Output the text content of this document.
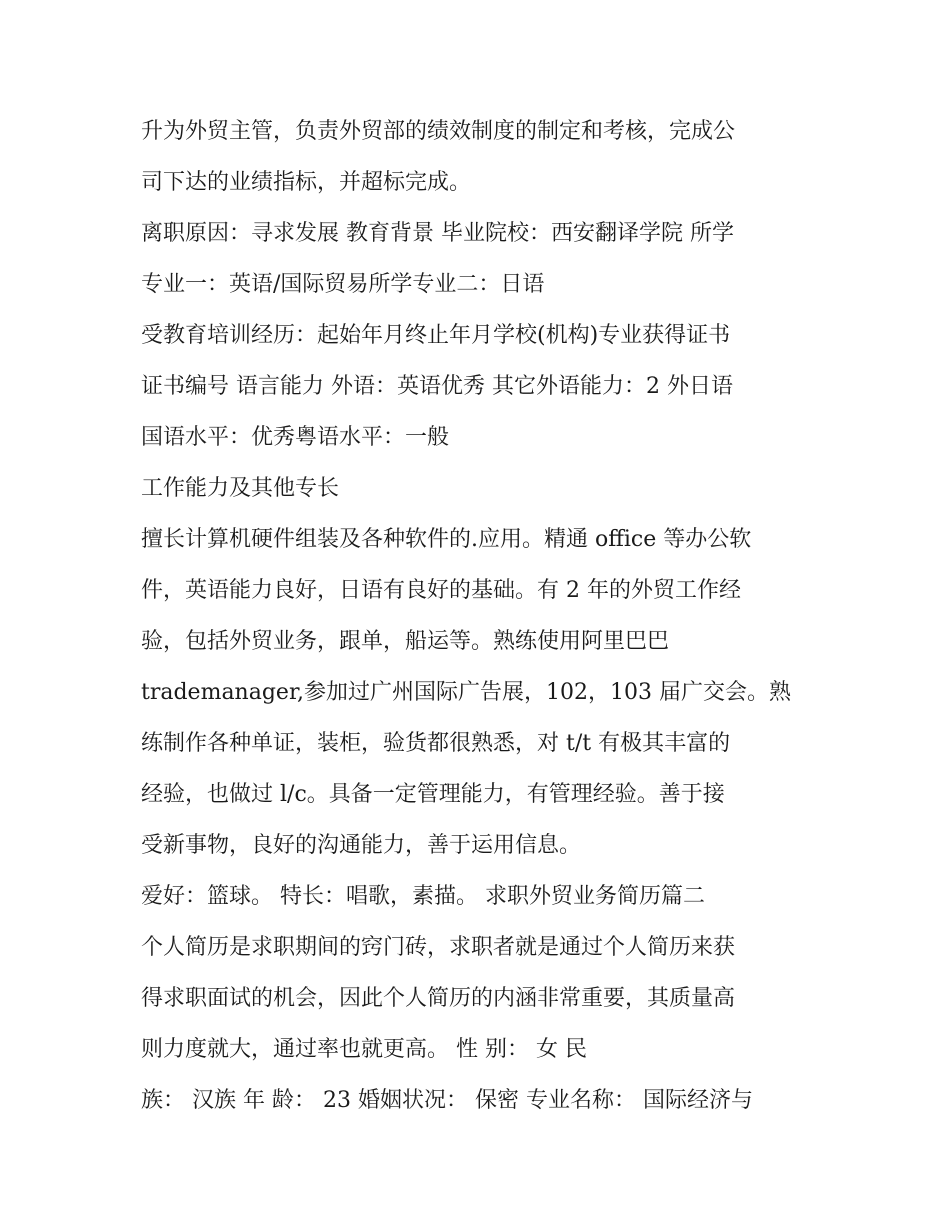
升为外贸主管，负责外贸部的绩效制度的制定和考核，完成公
司下达的业绩指标，并超标完成。
离职原因：寻求发展 教育背景 毕业院校：西安翻译学院 所学
专业一：英语/国际贸易所学专业二：日语
受教育培训经历：起始年月终止年月学校(机构)专业获得证书
证书编号 语言能力 外语：英语优秀 其它外语能力：2 外日语
国语水平：优秀粤语水平：一般
工作能力及其他专长
擅长计算机硬件组装及各种软件的.应用。精通 office 等办公软
件，英语能力良好，日语有良好的基础。有 2 年的外贸工作经
验，包括外贸业务，跟单，船运等。熟练使用阿里巴巴
trademanager,参加过广州国际广告展，102，103 届广交会。熟
练制作各种单证，装柜，验货都很熟悉，对 t/t 有极其丰富的
经验，也做过 l/c。具备一定管理能力，有管理经验。善于接
受新事物，良好的沟通能力，善于运用信息。
爱好：篮球。 特长：唱歌，素描。 求职外贸业务简历篇二
个人简历是求职期间的窍门砖，求职者就是通过个人简历来获
得求职面试的机会，因此个人简历的内涵非常重要，其质量高
则力度就大，通过率也就更高。 性 别： 女 民
族： 汉族 年 龄： 23 婚姻状况： 保密 专业名称： 国际经济与
